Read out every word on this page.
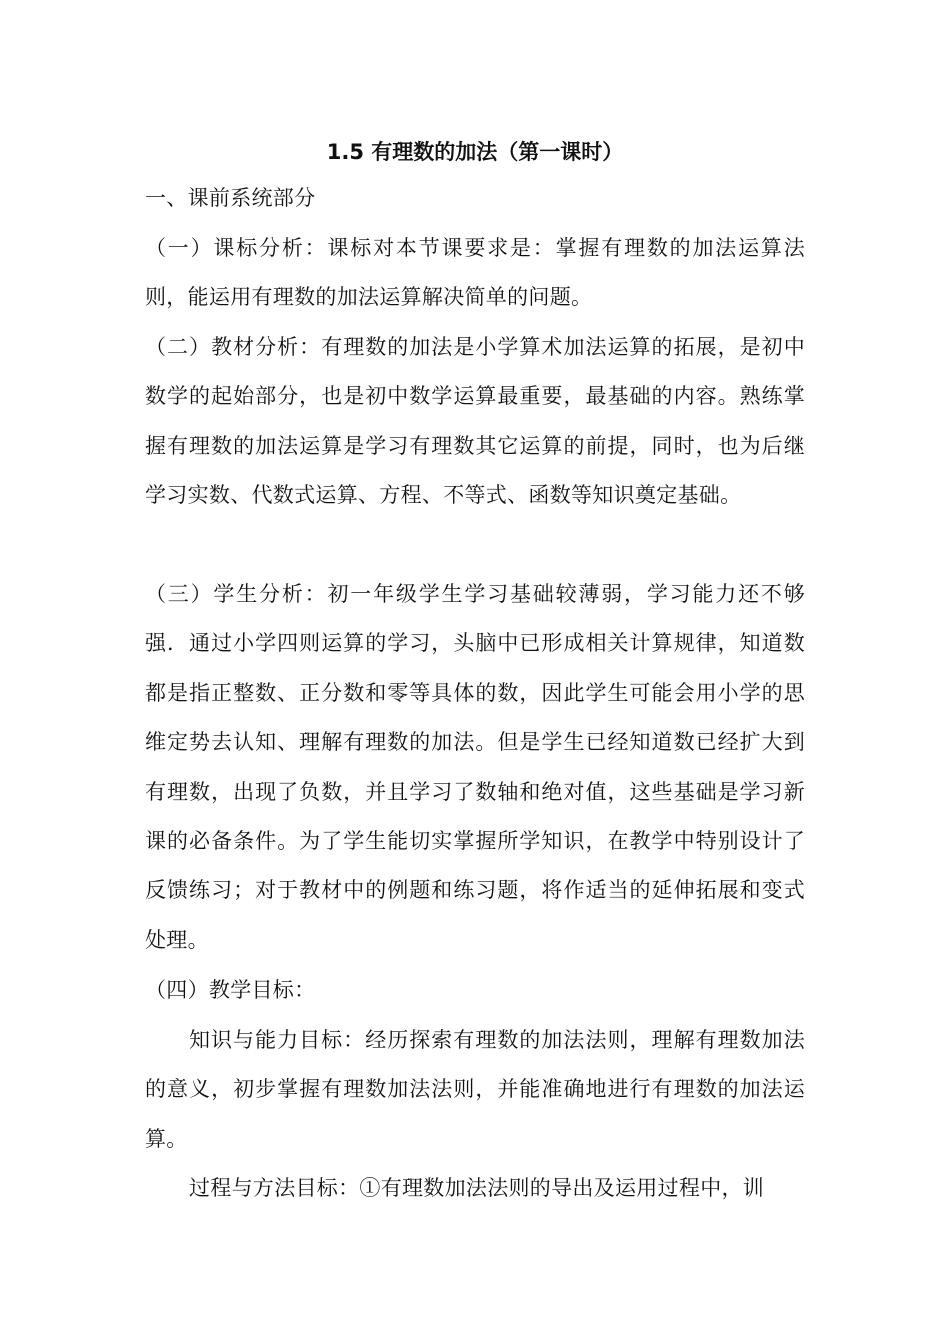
1.5 有理数的加法（第一课时）

一、课前系统部分

（一）课标分析：课标对本节课要求是：掌握有理数的加法运算法则，能运用有理数的加法运算解决简单的问题。

（二）教材分析：有理数的加法是小学算术加法运算的拓展，是初中数学的起始部分，也是初中数学运算最重要，最基础的内容。熟练掌握有理数的加法运算是学习有理数其它运算的前提，同时，也为后继学习实数、代数式运算、方程、不等式、函数等知识奠定基础。

（三）学生分析：初一年级学生学习基础较薄弱，学习能力还不够强．通过小学四则运算的学习，头脑中已形成相关计算规律，知道数都是指正整数、正分数和零等具体的数，因此学生可能会用小学的思维定势去认知、理解有理数的加法。但是学生已经知道数已经扩大到有理数，出现了负数，并且学习了数轴和绝对值，这些基础是学习新课的必备条件。为了学生能切实掌握所学知识，在教学中特别设计了反馈练习；对于教材中的例题和练习题，将作适当的延伸拓展和变式处理。

（四）教学目标：

知识与能力目标：经历探索有理数的加法法则，理解有理数加法的意义，初步掌握有理数加法法则，并能准确地进行有理数的加法运算。

过程与方法目标：①有理数加法法则的导出及运用过程中，训
